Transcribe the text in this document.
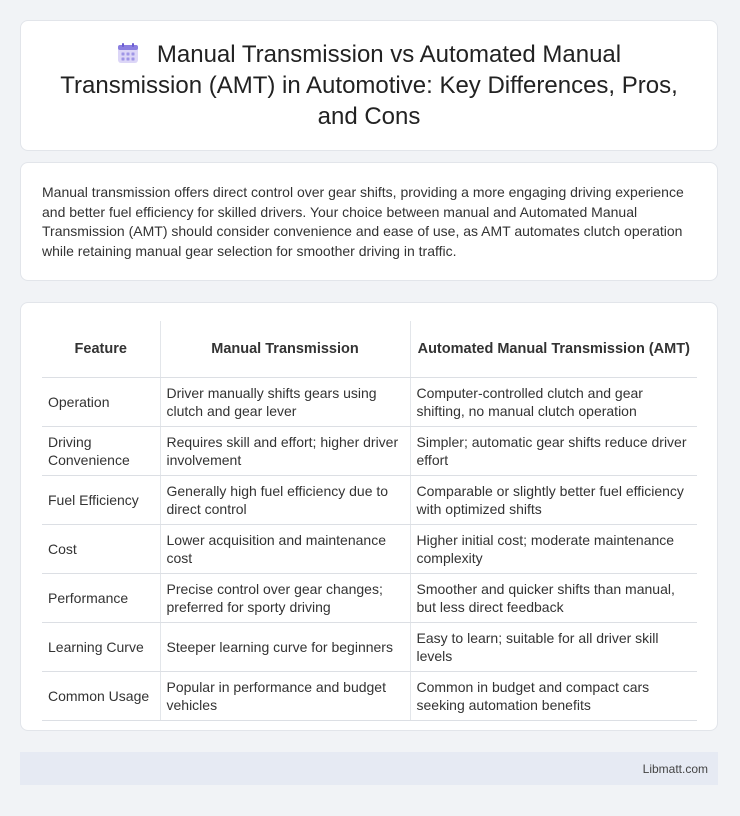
Manual Transmission vs Automated Manual Transmission (AMT) in Automotive: Key Differences, Pros, and Cons

Manual transmission offers direct control over gear shifts, providing a more engaging driving experience and better fuel efficiency for skilled drivers. Your choice between manual and Automated Manual Transmission (AMT) should consider convenience and ease of use, as AMT automates clutch operation while retaining manual gear selection for smoother driving in traffic.

Feature	Manual Transmission	Automated Manual Transmission (AMT)
Operation	Driver manually shifts gears using clutch and gear lever	Computer-controlled clutch and gear shifting, no manual clutch operation
Driving Convenience	Requires skill and effort; higher driver involvement	Simpler; automatic gear shifts reduce driver effort
Fuel Efficiency	Generally high fuel efficiency due to direct control	Comparable or slightly better fuel efficiency with optimized shifts
Cost	Lower acquisition and maintenance cost	Higher initial cost; moderate maintenance complexity
Performance	Precise control over gear changes; preferred for sporty driving	Smoother and quicker shifts than manual, but less direct feedback
Learning Curve	Steeper learning curve for beginners	Easy to learn; suitable for all driver skill levels
Common Usage	Popular in performance and budget vehicles	Common in budget and compact cars seeking automation benefits
Libmatt.com
